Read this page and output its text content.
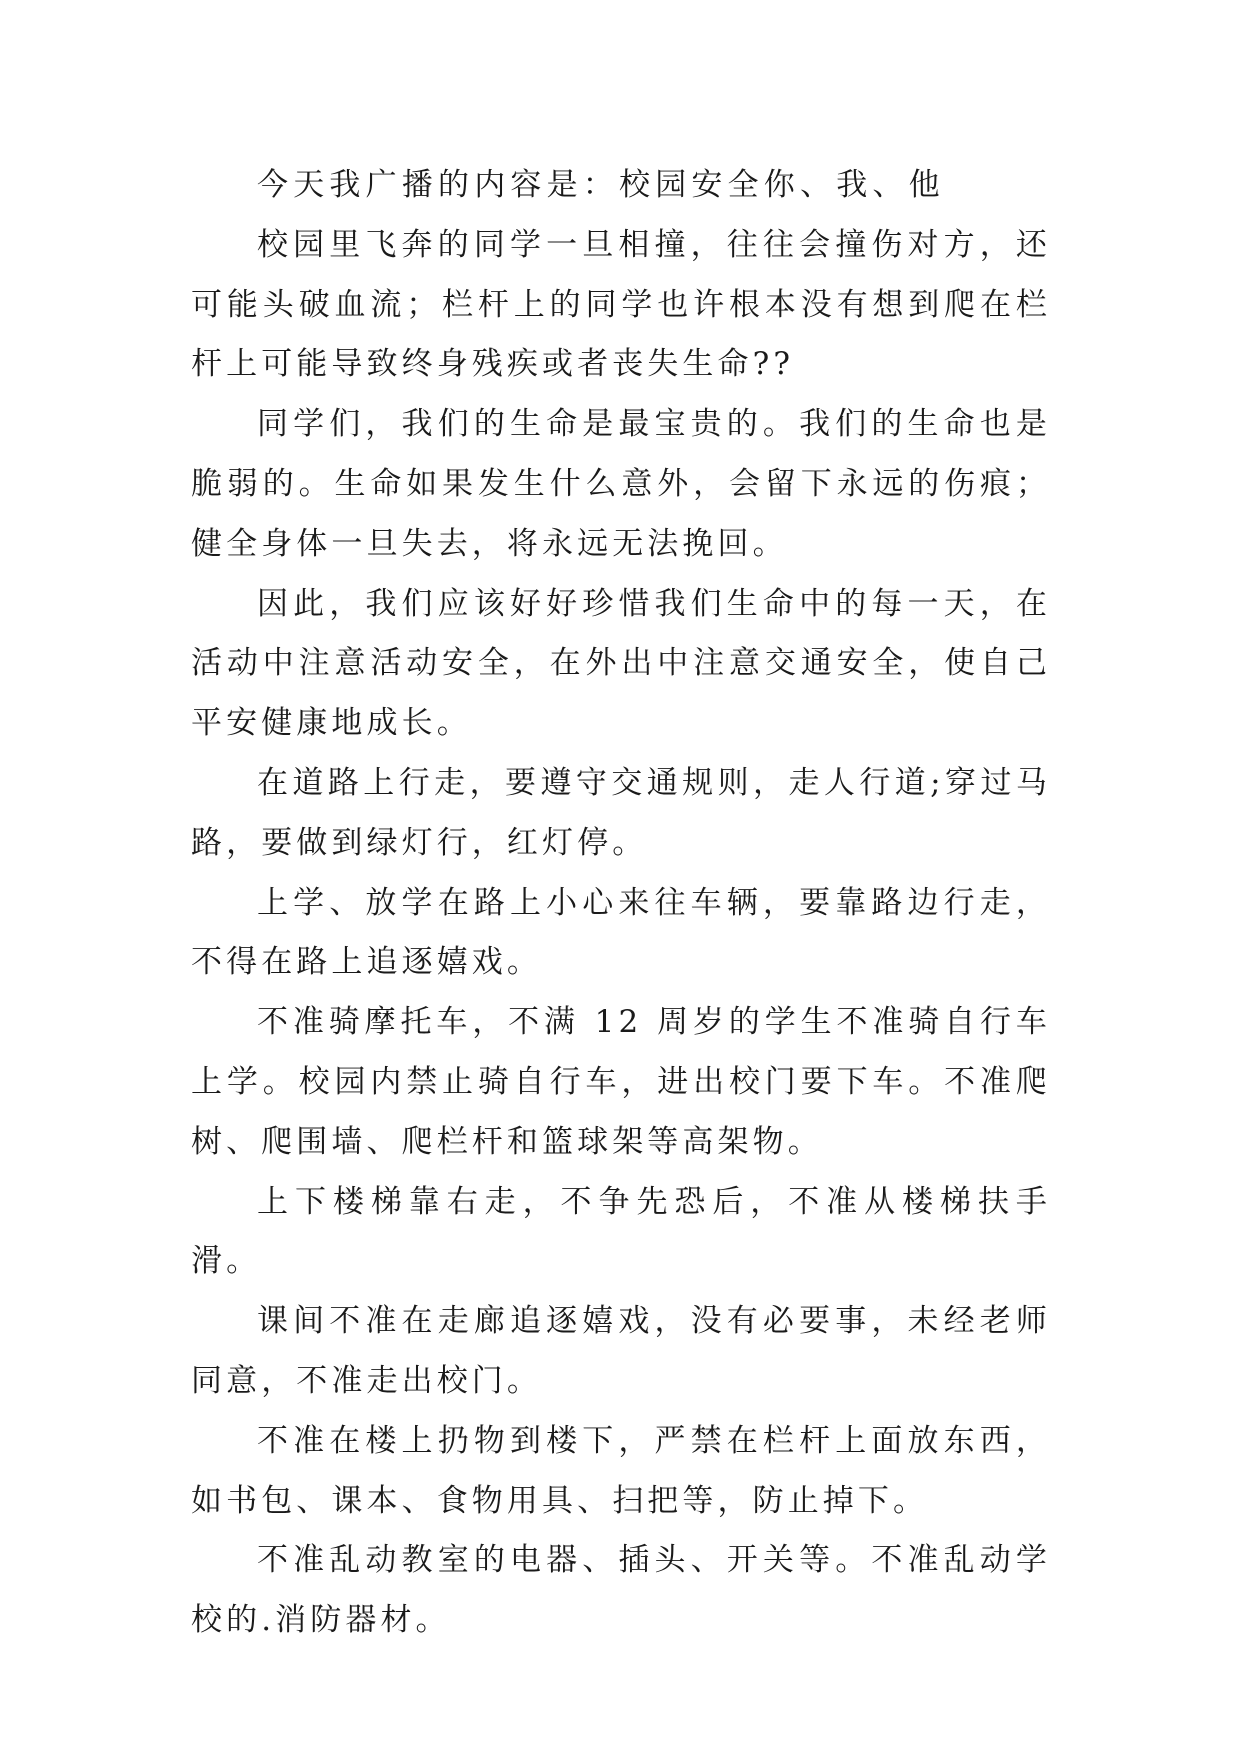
今天我广播的内容是：校园安全你、我、他

校园里飞奔的同学一旦相撞，往往会撞伤对方，还可能头破血流；栏杆上的同学也许根本没有想到爬在栏杆上可能导致终身残疾或者丧失生命??

同学们，我们的生命是最宝贵的。我们的生命也是脆弱的。生命如果发生什么意外，会留下永远的伤痕；健全身体一旦失去，将永远无法挽回。

因此，我们应该好好珍惜我们生命中的每一天，在活动中注意活动安全，在外出中注意交通安全，使自己平安健康地成长。

在道路上行走，要遵守交通规则，走人行道;穿过马路，要做到绿灯行，红灯停。

上学、放学在路上小心来往车辆，要靠路边行走，不得在路上追逐嬉戏。

不准骑摩托车，不满 12 周岁的学生不准骑自行车上学。校园内禁止骑自行车，进出校门要下车。不准爬树、爬围墙、爬栏杆和篮球架等高架物。

上下楼梯靠右走，不争先恐后，不准从楼梯扶手滑。

课间不准在走廊追逐嬉戏，没有必要事，未经老师同意，不准走出校门。

不准在楼上扔物到楼下，严禁在栏杆上面放东西，如书包、课本、食物用具、扫把等，防止掉下。

不准乱动教室的电器、插头、开关等。不准乱动学校的.消防器材。
